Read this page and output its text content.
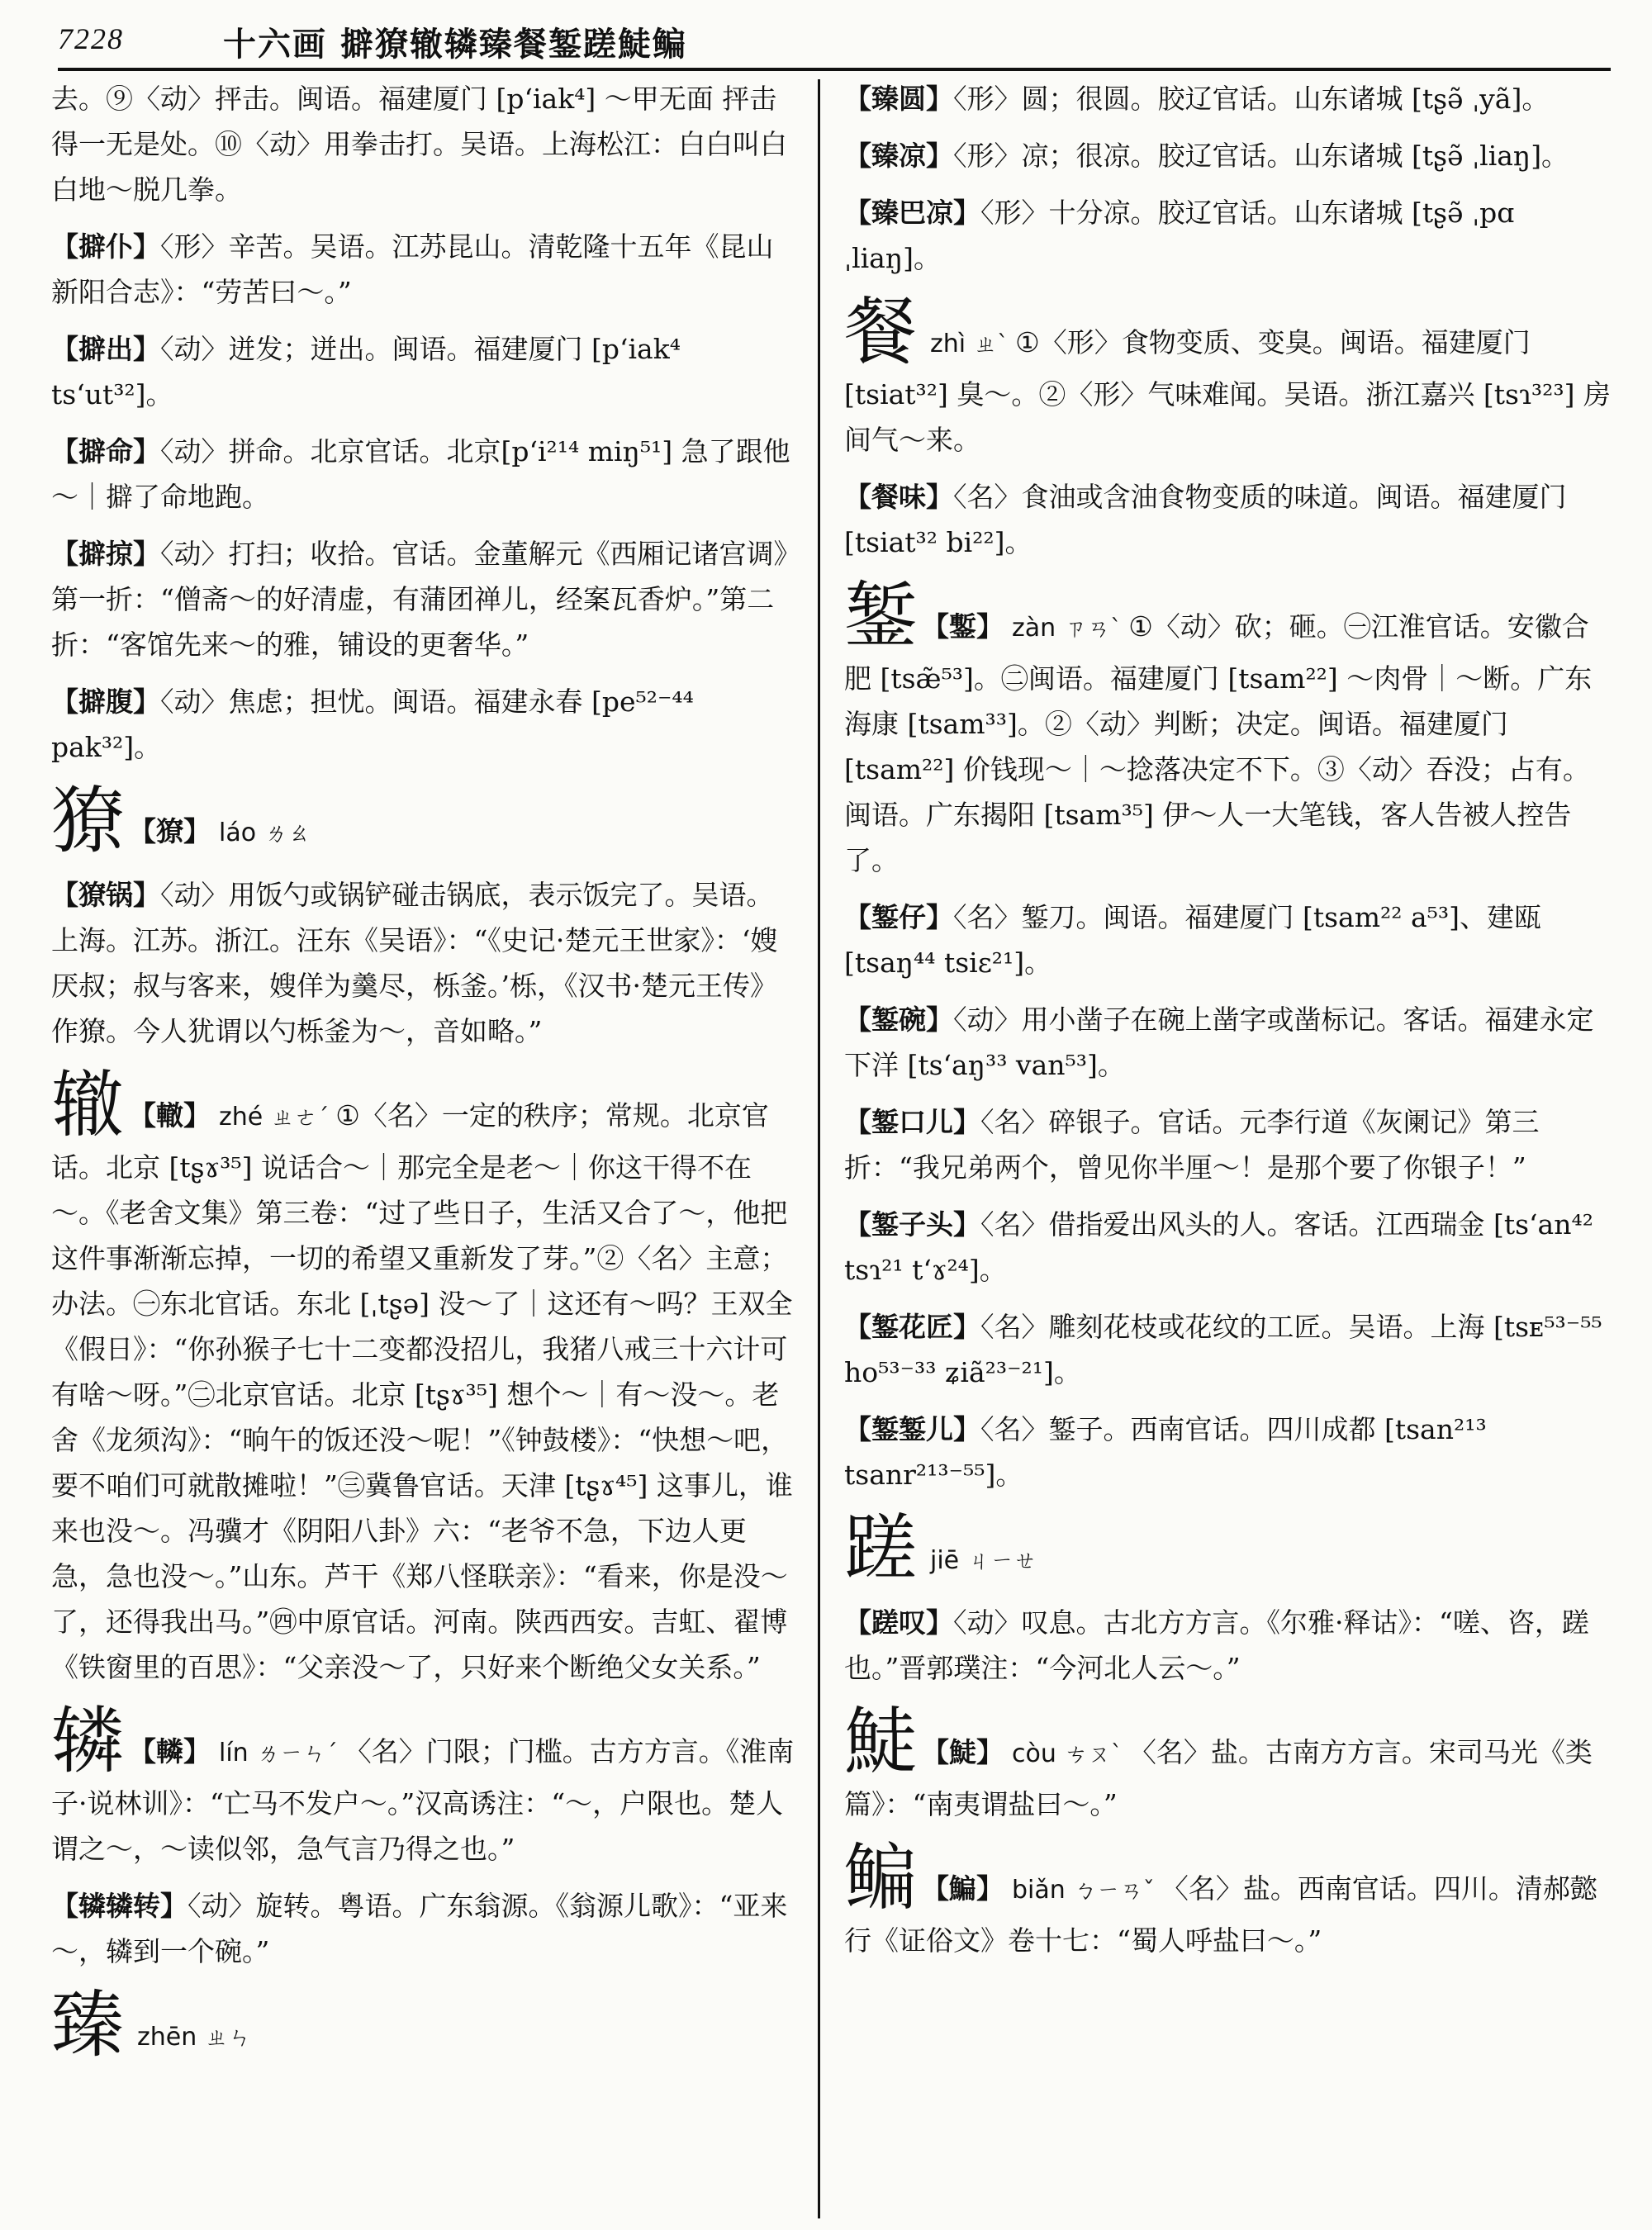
7228	十六画 擗獠辙辚臻餐錾蹉鯐鳊
去。⑨〈动〉抨击。闽语。福建厦门 [p‘iak⁴] ～甲无面 抨击得一无是处。⑩〈动〉用拳击打。吴语。上海松江：白白叫白白地～脱几拳。
【擗仆】〈形〉辛苦。吴语。江苏昆山。清乾隆十五年《昆山新阳合志》：“劳苦曰～。”
【擗出】〈动〉迸发；迸出。闽语。福建厦门 [p‘iak⁴ ts‘ut³²]。
【擗命】〈动〉拼命。北京官话。北京[p‘i²¹⁴ miŋ⁵¹] 急了跟他～｜擗了命地跑。
【擗掠】〈动〉打扫；收拾。官话。金董解元《西厢记诸宫调》第一折：“僧斋～的好清虚，有蒲团禅儿，经案瓦香炉。”第二折：“客馆先来～的雅，铺设的更奢华。”
【擗腹】〈动〉焦虑；担忧。闽语。福建永春 [pe⁵²⁻⁴⁴ pak³²]。
獠 【獠】 láo ㄌㄠ
【獠锅】〈动〉用饭勺或锅铲碰击锅底，表示饭完了。吴语。上海。江苏。浙江。汪东《吴语》：“《史记·楚元王世家》：‘嫂厌叔；叔与客来，嫂佯为羹尽，栎釜。’栎，《汉书·楚元王传》作獠。今人犹谓以勺栎釜为～，音如略。”
辙 【轍】 zhé ㄓㄜˊ ①〈名〉一定的秩序；常规。北京官话。北京 [tʂɤ³⁵] 说话合～｜那完全是老～｜你这干得不在～。《老舍文集》第三卷：“过了些日子，生活又合了～，他把这件事渐渐忘掉，一切的希望又重新发了芽。”②〈名〉主意；办法。㊀东北官话。东北 [ˌtʂə] 没～了｜这还有～吗？王双全《假日》：“你孙猴子七十二变都没招儿，我猪八戒三十六计可有啥～呀。”㊁北京官话。北京 [tʂɤ³⁵] 想个～｜有～没～。老舍《龙须沟》：“晌午的饭还没～呢！”《钟鼓楼》：“快想～吧，要不咱们可就散摊啦！”㊂冀鲁官话。天津 [tʂɤ⁴⁵] 这事儿，谁来也没～。冯骥才《阴阳八卦》六：“老爷不急，下边人更急，急也没～。”山东。芦干《郑八怪联亲》：“看来，你是没～了，还得我出马。”㊃中原官话。河南。陕西西安。吉虹、翟博《铁窗里的百思》：“父亲没～了，只好来个断绝父女关系。”
辚 【轔】 lín ㄌㄧㄣˊ 〈名〉门限；门槛。古方方言。《淮南子·说林训》：“亡马不发户～。”汉高诱注：“～，户限也。楚人谓之～，～读似邻，急气言乃得之也。”
【辚辚转】〈动〉旋转。粤语。广东翁源。《翁源儿歌》：“亚来～，辚到一个碗。”
臻zhēn ㄓㄣ
【臻圆】〈形〉圆；很圆。胶辽官话。山东诸城 [tʂə̃ ˌyã]。
【臻凉】〈形〉凉；很凉。胶辽官话。山东诸城 [tʂə̃ ˌliaŋ]。
【臻巴凉】〈形〉十分凉。胶辽官话。山东诸城 [tʂə̃ ˌpɑ ˌliaŋ]。
餐zhì ㄓˋ ①〈形〉食物变质、变臭。闽语。福建厦门 [tsiat³²] 臭～。②〈形〉气味难闻。吴语。浙江嘉兴 [tsɿ³²³] 房间气～来。
【餐味】〈名〉食油或含油食物变质的味道。闽语。福建厦门 [tsiat³² bi²²]。
錾 【鏨】 zàn ㄗㄢˋ ①〈动〉砍；砸。㊀江淮官话。安徽合肥 [tsæ̃⁵³]。㊁闽语。福建厦门 [tsam²²] ～肉骨｜～断。广东海康 [tsam³³]。②〈动〉判断；决定。闽语。福建厦门 [tsam²²] 价钱现～｜～捻落决定不下。③〈动〉吞没；占有。闽语。广东揭阳 [tsam³⁵] 伊～人一大笔钱，客人告被人控告了。
【錾仔】〈名〉錾刀。闽语。福建厦门 [tsam²² a⁵³]、建瓯 [tsaŋ⁴⁴ tsiɛ²¹]。
【錾碗】〈动〉用小凿子在碗上凿字或凿标记。客话。福建永定下洋 [ts‘aŋ³³ van⁵³]。
【錾口儿】〈名〉碎银子。官话。元李行道《灰阑记》第三折：“我兄弟两个，曾见你半厘～！是那个要了你银子！”
【錾子头】〈名〉借指爱出风头的人。客话。江西瑞金 [ts‘an⁴² tsɿ²¹ t‘ɤ²⁴]。
【錾花匠】〈名〉雕刻花枝或花纹的工匠。吴语。上海 [tsᴇ⁵³⁻⁵⁵ ho⁵³⁻³³ ʑiã²³⁻²¹]。
【錾錾儿】〈名〉錾子。西南官话。四川成都 [tsan²¹³ tsanr²¹³⁻⁵⁵]。
蹉jiē ㄐㄧㄝ
【蹉叹】〈动〉叹息。古北方方言。《尔雅·释诂》：“嗟、咨，蹉也。”晋郭璞注：“今河北人云～。”
鯐 【鯐】 còu ㄘㄡˋ 〈名〉盐。古南方方言。宋司马光《类篇》：“南夷谓盐曰～。”
鳊 【鯿】 biǎn ㄅㄧㄢˇ 〈名〉盐。西南官话。四川。清郝懿行《证俗文》卷十七：“蜀人呼盐曰～。”
